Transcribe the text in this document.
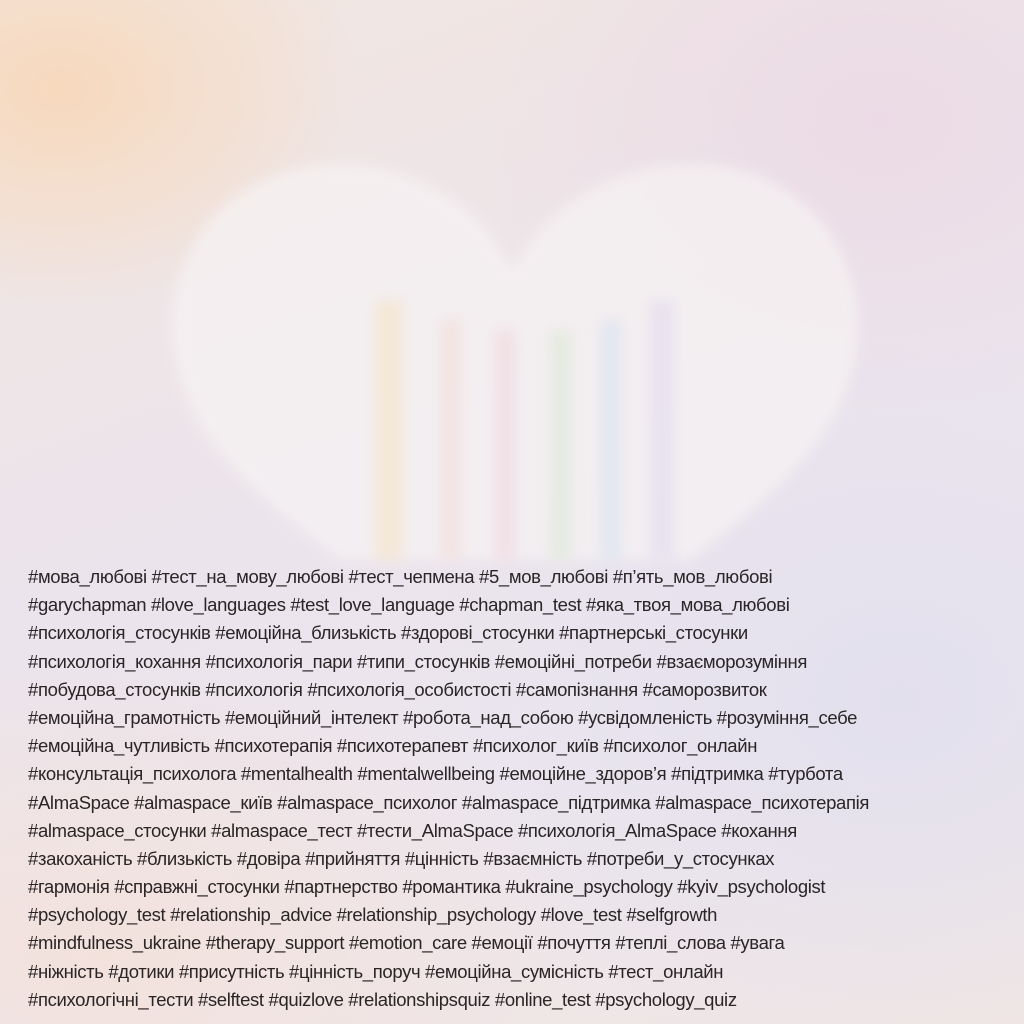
#мова_любові #тест_на_мову_любові #тест_чепмена #5_мов_любові #п’ять_мов_любові
#garychapman #love_languages #test_love_language #chapman_test #яка_твоя_мова_любові
#психологія_стосунків #емоційна_близькість #здорові_стосунки #партнерські_стосунки
#психологія_кохання #психологія_пари #типи_стосунків #емоційні_потреби #взаєморозуміння
#побудова_стосунків #психологія #психологія_особистості #самопізнання #саморозвиток
#емоційна_грамотність #емоційний_інтелект #робота_над_собою #усвідомленість #розуміння_себе
#емоційна_чутливість #психотерапія #психотерапевт #психолог_київ #психолог_онлайн
#консультація_психолога #mentalhealth #mentalwellbeing #емоційне_здоров’я #підтримка #турбота
#AlmaSpace #almaspace_київ #almaspace_психолог #almaspace_підтримка #almaspace_психотерапія
#almaspace_стосунки #almaspace_тест #тести_AlmaSpace #психологія_AlmaSpace #кохання
#закоханість #близькість #довіра #прийняття #цінність #взаємність #потреби_у_стосунках
#гармонія #справжні_стосунки #партнерство #романтика #ukraine_psychology #kyiv_psychologist
#psychology_test #relationship_advice #relationship_psychology #love_test #selfgrowth
#mindfulness_ukraine #therapy_support #emotion_care #емоції #почуття #теплі_слова #увага
#ніжність #дотики #присутність #цінність_поруч #емоційна_сумісність #тест_онлайн
#психологічні_тести #selftest #quizlove #relationshipsquiz #online_test #psychology_quiz
